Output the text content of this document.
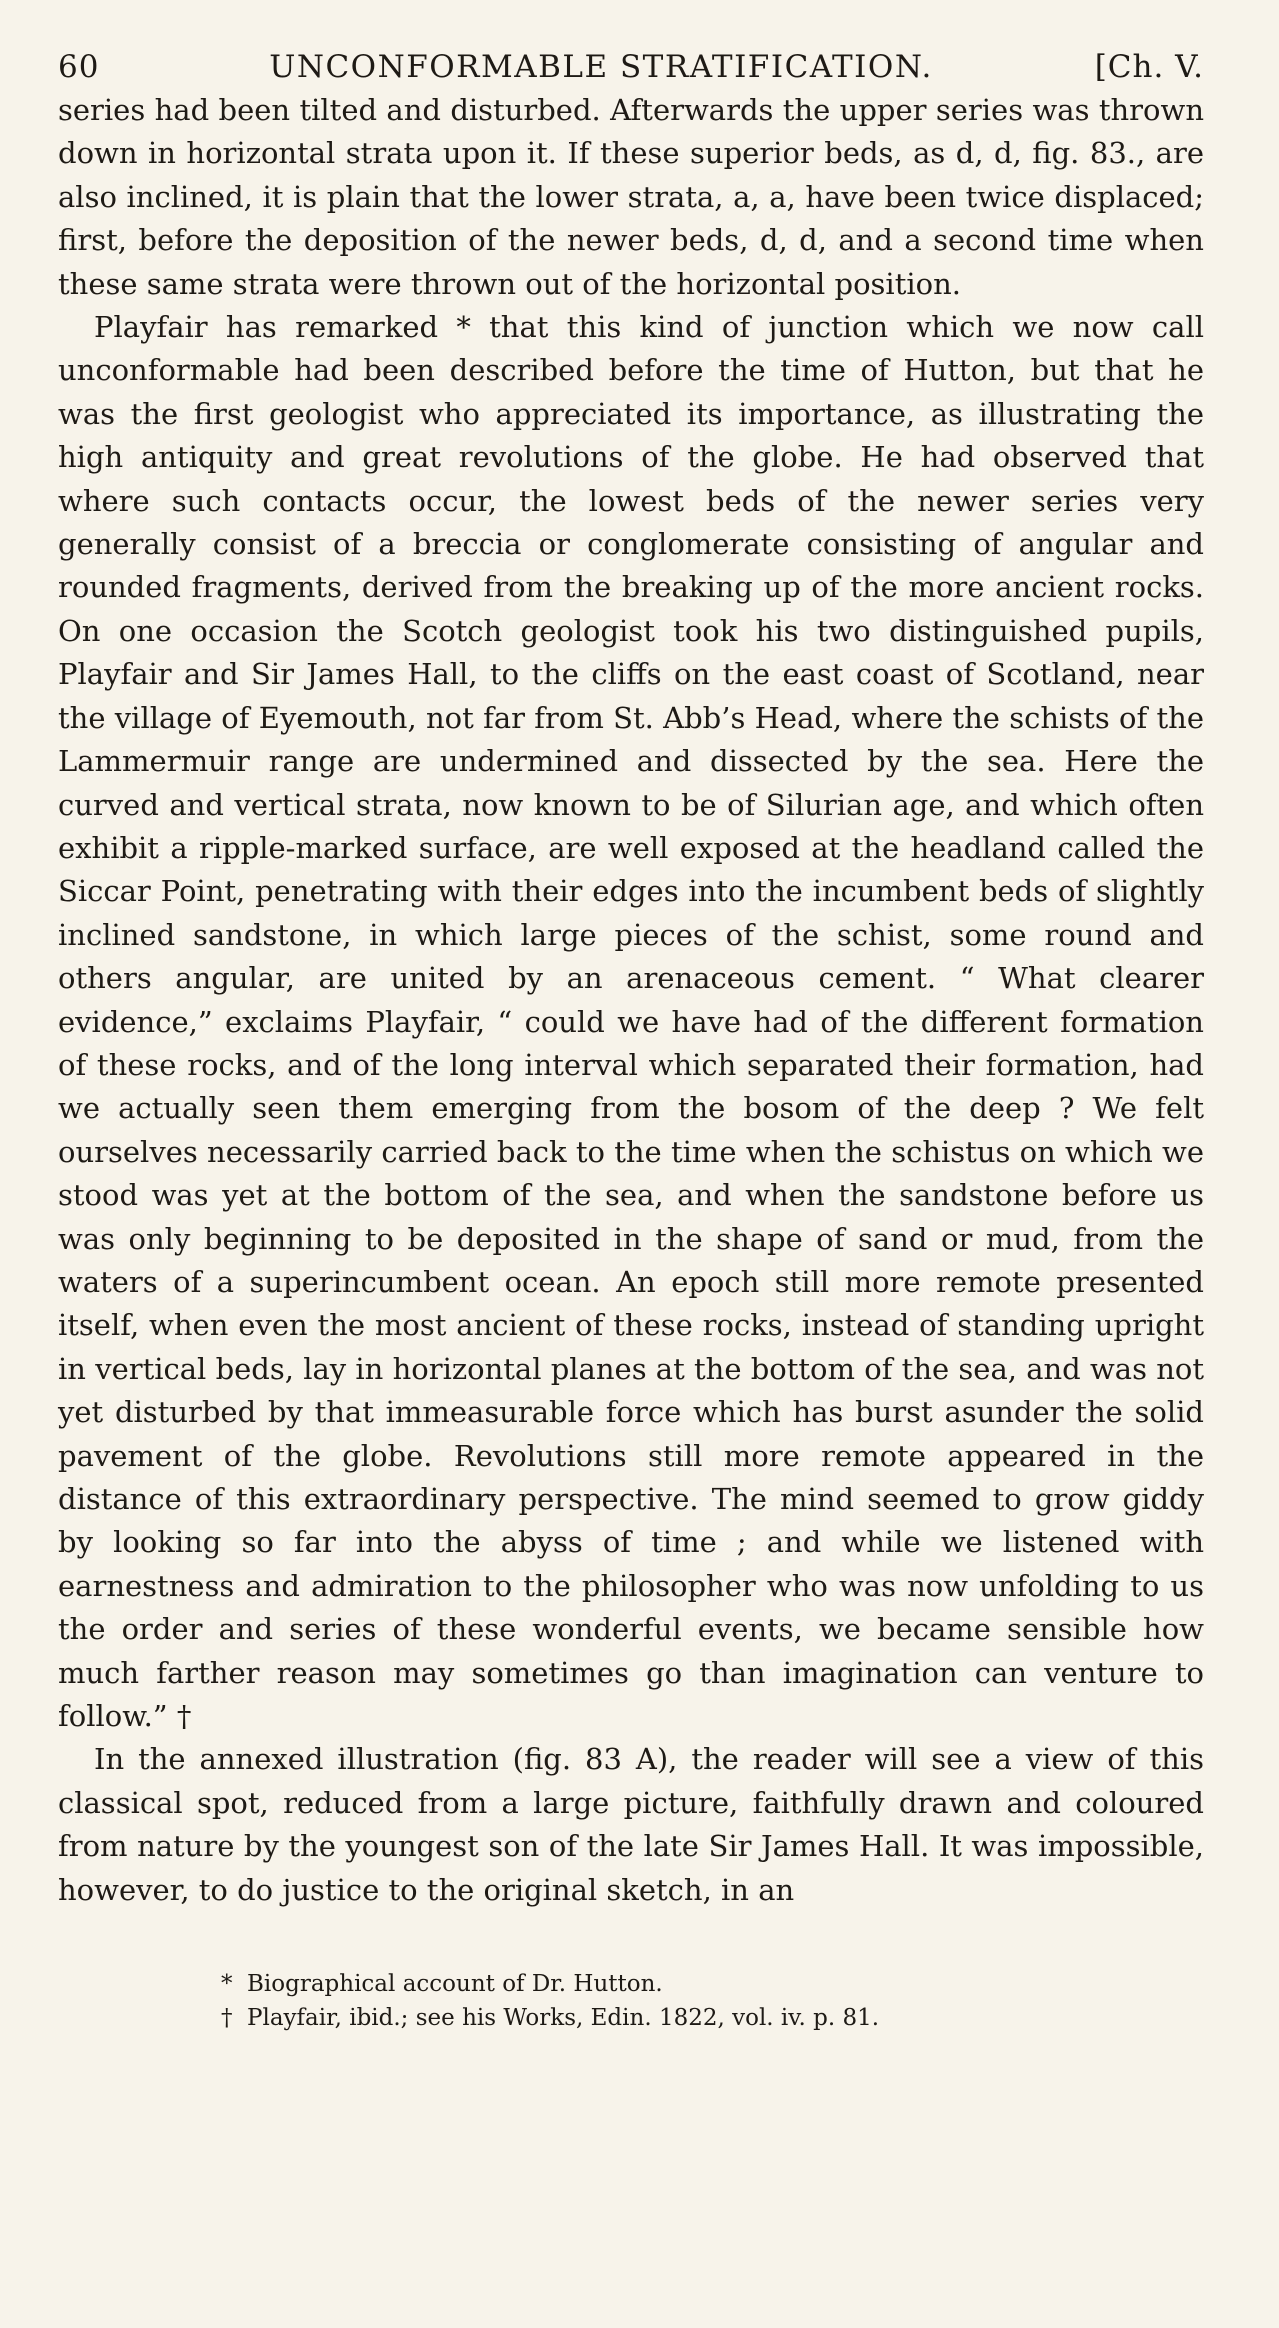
60	UNCONFORMABLE STRATIFICATION.	[Ch. V.

series had been tilted and disturbed. Afterwards the upper series was thrown down in horizontal strata upon it. If these superior beds, as d, d, fig. 83., are also inclined, it is plain that the lower strata, a, a, have been twice displaced; first, before the deposition of the newer beds, d, d, and a second time when these same strata were thrown out of the horizontal position.

Playfair has remarked * that this kind of junction which we now call unconformable had been described before the time of Hutton, but that he was the first geologist who appreciated its importance, as illustrating the high antiquity and great revolutions of the globe. He had observed that where such contacts occur, the lowest beds of the newer series very generally consist of a breccia or conglomerate consisting of angular and rounded fragments, derived from the breaking up of the more ancient rocks. On one occasion the Scotch geologist took his two distinguished pupils, Playfair and Sir James Hall, to the cliffs on the east coast of Scotland, near the village of Eyemouth, not far from St. Abb’s Head, where the schists of the Lammermuir range are undermined and dissected by the sea. Here the curved and vertical strata, now known to be of Silurian age, and which often exhibit a ripple-marked surface, are well exposed at the headland called the Siccar Point, penetrating with their edges into the incumbent beds of slightly inclined sandstone, in which large pieces of the schist, some round and others angular, are united by an arenaceous cement. “ What clearer evidence,” exclaims Playfair, “ could we have had of the different formation of these rocks, and of the long interval which separated their formation, had we actually seen them emerging from the bosom of the deep ? We felt ourselves necessarily carried back to the time when the schistus on which we stood was yet at the bottom of the sea, and when the sandstone before us was only beginning to be deposited in the shape of sand or mud, from the waters of a superincumbent ocean. An epoch still more remote presented itself, when even the most ancient of these rocks, instead of standing upright in vertical beds, lay in horizontal planes at the bottom of the sea, and was not yet disturbed by that immeasurable force which has burst asunder the solid pavement of the globe. Revolutions still more remote appeared in the distance of this extraordinary perspective. The mind seemed to grow giddy by looking so far into the abyss of time ; and while we listened with earnestness and admiration to the philosopher who was now unfolding to us the order and series of these wonderful events, we became sensible how much farther reason may sometimes go than imagination can venture to follow.” †

In the annexed illustration (fig. 83 A), the reader will see a view of this classical spot, reduced from a large picture, faithfully drawn and coloured from nature by the youngest son of the late Sir James Hall. It was impossible, however, to do justice to the original sketch, in an

* Biographical account of Dr. Hutton.
† Playfair, ibid.; see his Works, Edin. 1822, vol. iv. p. 81.
